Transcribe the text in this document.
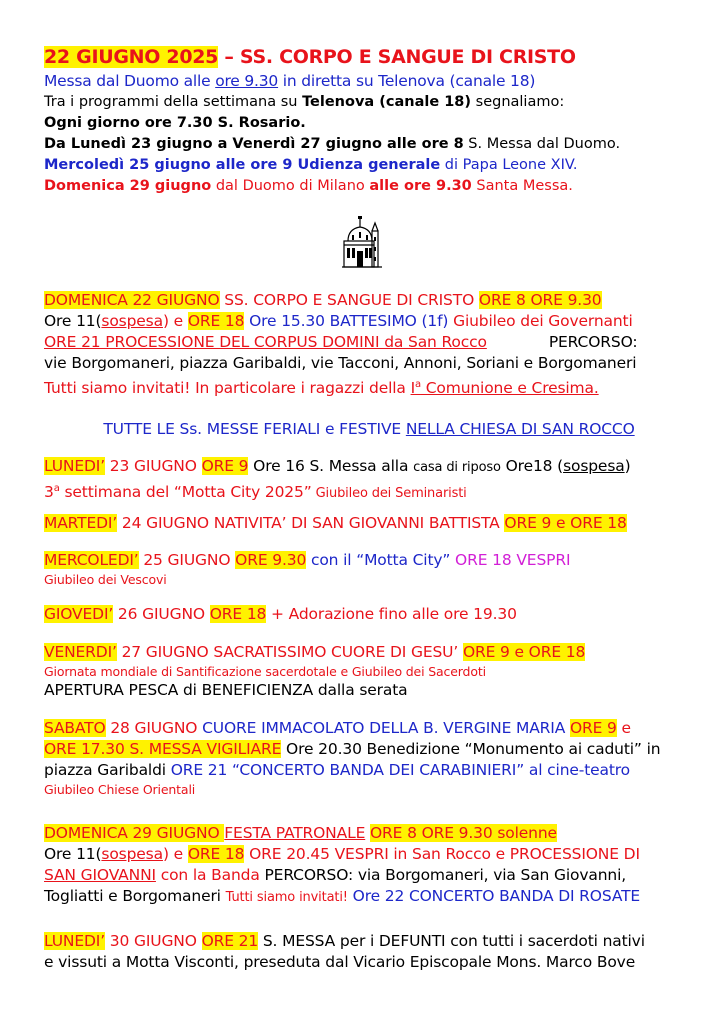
22 GIUGNO 2025 – SS. CORPO E SANGUE DI CRISTO
Messa dal Duomo alle ore 9.30 in diretta su Telenova (canale 18)
Tra i programmi della settimana su Telenova (canale 18) segnaliamo:
Ogni giorno ore 7.30 S. Rosario.
Da Lunedì 23 giugno a Venerdì 27 giugno alle ore 8 S. Messa dal Duomo.
Mercoledì 25 giugno alle ore 9 Udienza generale di Papa Leone XIV.
Domenica 29 giugno dal Duomo di Milano alle ore 9.30 Santa Messa.
DOMENICA 22 GIUGNO SS. CORPO E SANGUE DI CRISTO ORE 8 ORE 9.30
Ore 11(sospesa) e ORE 18 Ore 15.30 BATTESIMO (1f) Giubileo dei Governanti
ORE 21 PROCESSIONE DEL CORPUS DOMINI da San Rocco	PERCORSO:
vie Borgomaneri, piazza Garibaldi, vie Tacconi, Annoni, Soriani e Borgomaneri
Tutti siamo invitati! In particolare i ragazzi della $I^a$ Comunione e Cresima.
TUTTE LE Ss. MESSE FERIALI e FESTIVE NELLA CHIESA DI SAN ROCCO
LUNEDI’ 23 GIUGNO ORE 9 Ore 16 S. Messa alla casa di riposo Ore18 (sospesa)
3$^a$ settimana del “Motta City 2025” Giubileo dei Seminaristi
MARTEDI’ 24 GIUGNO NATIVITA’ DI SAN GIOVANNI BATTISTA ORE 9 e ORE 18
MERCOLEDI’ 25 GIUGNO ORE 9.30 con il “Motta City” ORE 18 VESPRI
Giubileo dei Vescovi
GIOVEDI’ 26 GIUGNO ORE 18 + Adorazione fino alle ore 19.30
VENERDI’ 27 GIUGNO SACRATISSIMO CUORE DI GESU’ ORE 9 e ORE 18
Giornata mondiale di Santificazione sacerdotale e Giubileo dei Sacerdoti
APERTURA PESCA di BENEFICIENZA dalla serata
SABATO 28 GIUGNO CUORE IMMACOLATO DELLA B. VERGINE MARIA ORE 9 e
ORE 17.30 S. MESSA VIGILIARE Ore 20.30 Benedizione “Monumento ai caduti” in
piazza Garibaldi ORE 21 “CONCERTO BANDA DEI CARABINIERI” al cine-teatro
Giubileo Chiese Orientali
DOMENICA 29 GIUGNO FESTA PATRONALE ORE 8 ORE 9.30 solenne
Ore 11(sospesa) e ORE 18 ORE 20.45 VESPRI in San Rocco e PROCESSIONE DI
SAN GIOVANNI con la Banda PERCORSO: via Borgomaneri, via San Giovanni,
Togliatti e Borgomaneri Tutti siamo invitati! Ore 22 CONCERTO BANDA DI ROSATE
LUNEDI’ 30 GIUGNO ORE 21 S. MESSA per i DEFUNTI con tutti i sacerdoti nativi
e vissuti a Motta Visconti, preseduta dal Vicario Episcopale Mons. Marco Bove
